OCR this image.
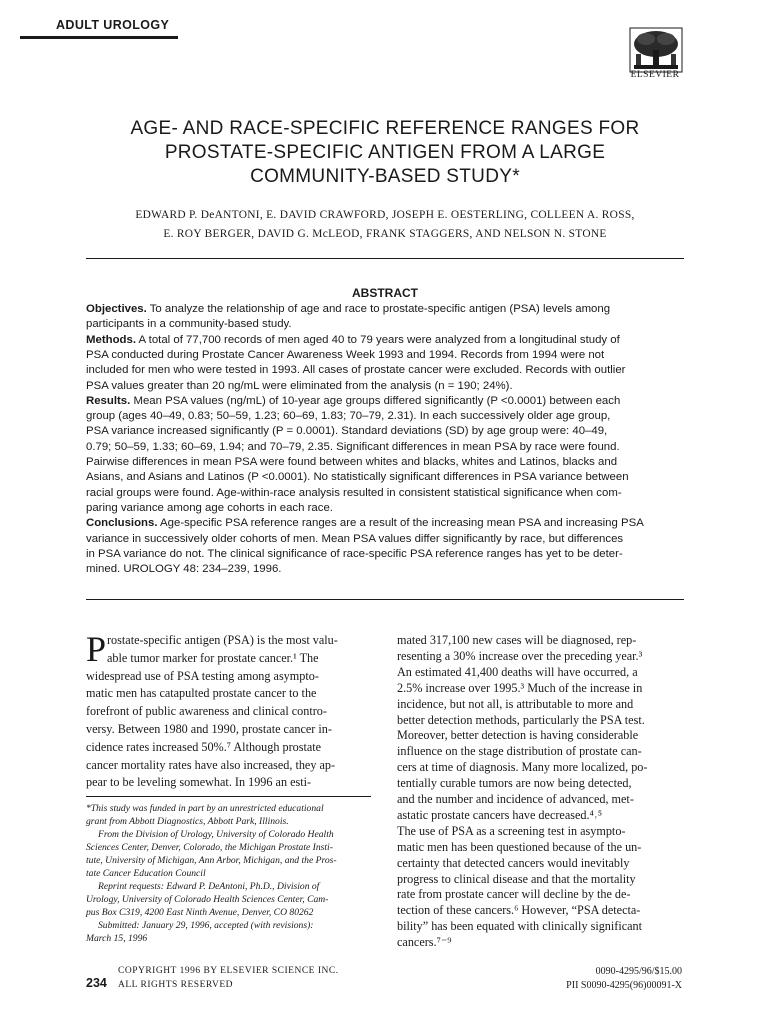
ADULT UROLOGY
ELSEVIER
AGE- AND RACE-SPECIFIC REFERENCE RANGES FOR
PROSTATE-SPECIFIC ANTIGEN FROM A LARGE
COMMUNITY-BASED STUDY*
EDWARD P. DeANTONI, E. DAVID CRAWFORD, JOSEPH E. OESTERLING, COLLEEN A. ROSS,
E. ROY BERGER, DAVID G. McLEOD, FRANK STAGGERS, AND NELSON N. STONE
ABSTRACT
Objectives. To analyze the relationship of age and race to prostate-specific antigen (PSA) levels among
participants in a community-based study.
Methods. A total of 77,700 records of men aged 40 to 79 years were analyzed from a longitudinal study of
PSA conducted during Prostate Cancer Awareness Week 1993 and 1994. Records from 1994 were not
included for men who were tested in 1993. All cases of prostate cancer were excluded. Records with outlier
PSA values greater than 20 ng/mL were eliminated from the analysis (n = 190; 24%).
Results. Mean PSA values (ng/mL) of 10-year age groups differed significantly (P <0.0001) between each
group (ages 40–49, 0.83; 50–59, 1.23; 60–69, 1.83; 70–79, 2.31). In each successively older age group,
PSA variance increased significantly (P = 0.0001). Standard deviations (SD) by age group were: 40–49,
0.79; 50–59, 1.33; 60–69, 1.94; and 70–79, 2.35. Significant differences in mean PSA by race were found.
Pairwise differences in mean PSA were found between whites and blacks, whites and Latinos, blacks and
Asians, and Asians and Latinos (P <0.0001). No statistically significant differences in PSA variance between
racial groups were found. Age-within-race analysis resulted in consistent statistical significance when com-
paring variance among age cohorts in each race.
Conclusions. Age-specific PSA reference ranges are a result of the increasing mean PSA and increasing PSA
variance in successively older cohorts of men. Mean PSA values differ significantly by race, but differences
in PSA variance do not. The clinical significance of race-specific PSA reference ranges has yet to be deter-
mined. UROLOGY 48: 234–239, 1996.
P rostate-specific antigen (PSA) is the most valu-
able tumor marker for prostate cancer.¹ The
widespread use of PSA testing among asympto-
matic men has catapulted prostate cancer to the
forefront of public awareness and clinical contro-
versy. Between 1980 and 1990, prostate cancer in-
cidence rates increased 50%.⁷ Although prostate
cancer mortality rates have also increased, they ap-
pear to be leveling somewhat. In 1996 an esti-
*This study was funded in part by an unrestricted educational
grant from Abbott Diagnostics, Abbott Park, Illinois.
From the Division of Urology, University of Colorado Health
Sciences Center, Denver, Colorado, the Michigan Prostate Insti-
tute, University of Michigan, Ann Arbor, Michigan, and the Pros-
tate Cancer Education Council
Reprint requests: Edward P. DeAntoni, Ph.D., Division of
Urology, University of Colorado Health Sciences Center, Cam-
pus Box C319, 4200 East Ninth Avenue, Denver, CO 80262
Submitted: January 29, 1996, accepted (with revisions):
March 15, 1996
mated 317,100 new cases will be diagnosed, rep-
resenting a 30% increase over the preceding year.³
An estimated 41,400 deaths will have occurred, a
2.5% increase over 1995.³ Much of the increase in
incidence, but not all, is attributable to more and
better detection methods, particularly the PSA test.
Moreover, better detection is having considerable
influence on the stage distribution of prostate can-
cers at time of diagnosis. Many more localized, po-
tentially curable tumors are now being detected,
and the number and incidence of advanced, met-
astatic prostate cancers have decreased.⁴˒⁵
The use of PSA as a screening test in asympto-
matic men has been questioned because of the un-
certainty that detected cancers would inevitably
progress to clinical disease and that the mortality
rate from prostate cancer will decline by the de-
tection of these cancers.⁶ However, “PSA detecta-
bility” has been equated with clinically significant
cancers.⁷⁻⁹
COPYRIGHT 1996 BY ELSEVIER SCIENCE INC.
234 ALL RIGHTS RESERVED
0090-4295/96/$15.00
PII S0090-4295(96)00091-X
